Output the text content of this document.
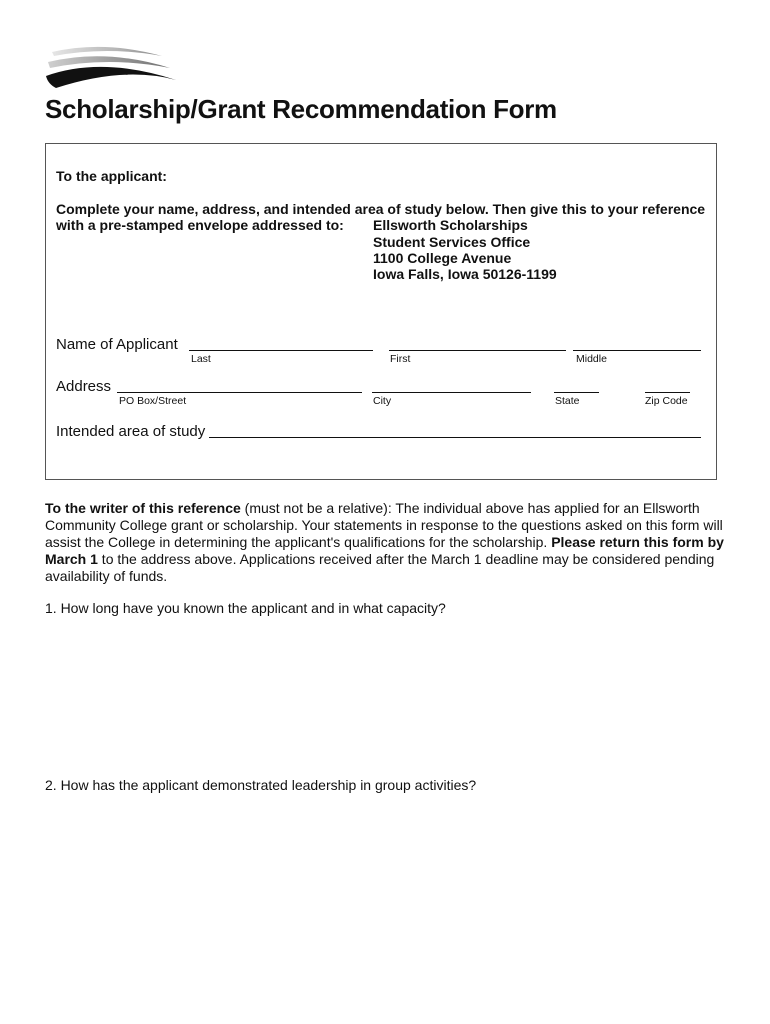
Scholarship/Grant Recommendation Form
To the applicant:
Complete your name, address, and intended area of study below. Then give this to your reference
with a pre-stamped envelope addressed to: Ellsworth Scholarships
Student Services Office
1100 College Avenue
Iowa Falls, Iowa 50126-1199
Name of Applicant
Last	First	Middle
Address
PO Box/Street	City	State	Zip Code
Intended area of study

To the writer of this reference (must not be a relative): The individual above has applied for an Ellsworth Community College grant or scholarship. Your statements in response to the questions asked on this form will assist the College in determining the applicant's qualifications for the scholarship. Please return this form by March 1 to the address above. Applications received after the March 1 deadline may be considered pending availability of funds.

1. How long have you known the applicant and in what capacity?
2. How has the applicant demonstrated leadership in group activities?
